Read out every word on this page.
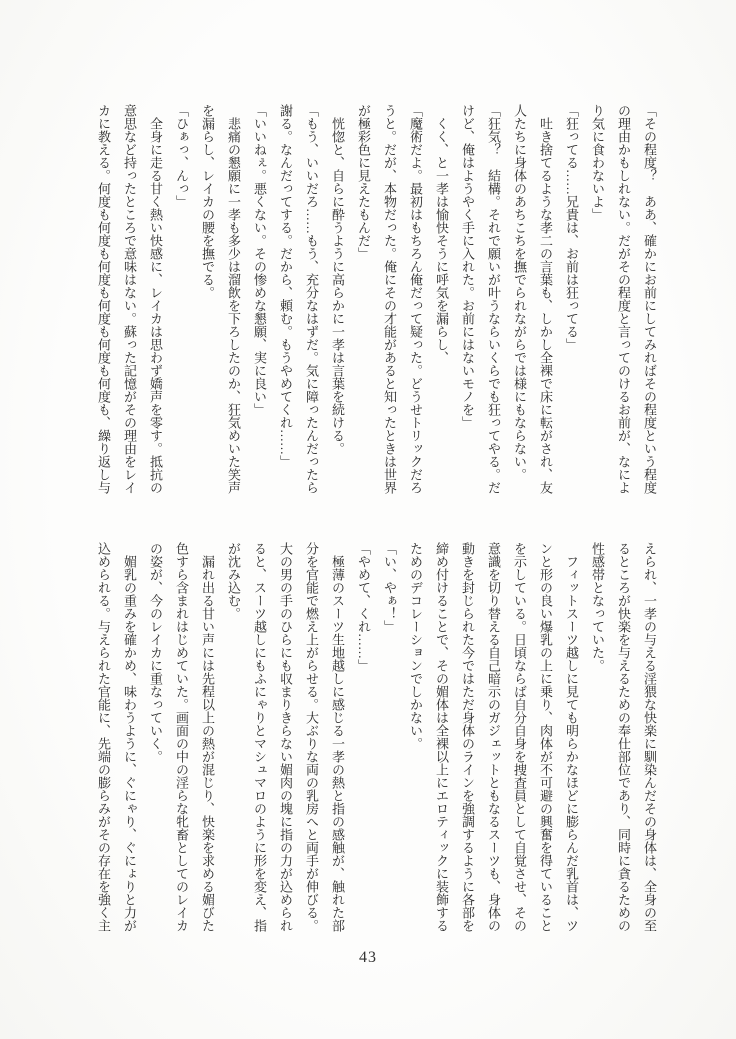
「その程度？　ああ、確かにお前にしてみればその程度という程度

の理由かもしれない。だがその程度と言ってのけるお前が、なによ

り気に食わないよ」

「狂ってる……兄貴は、お前は狂ってる」

　吐き捨てるような孝二の言葉も、しかし全裸で床に転がされ、友

人たちに身体のあちこちを撫でられながらでは様にもならない。

「狂気？　結構。それで願いが叶うならいくらでも狂ってやる。だ

けど、俺はようやく手に入れた。お前にはないモノを」

　くく、と一孝は愉快そうに呼気を漏らし、

「魔術だよ。最初はもちろん俺だって疑った。どうせトリックだろ

うと。だが、本物だった。俺にその才能があると知ったときは世界

が極彩色に見えたもんだ」

　恍惚と、自らに酔うように高らかに一孝は言葉を続ける。

「もう、いいだろ……もう、充分なはずだ。気に障ったんだったら

謝る。なんだってする。だから、頼む。もうやめてくれ……」

「いいねぇ。悪くない。その惨めな懇願、実に良い」

　悲痛の懇願に一孝も多少は溜飲を下ろしたのか、狂気めいた笑声

を漏らし、レイカの腰を撫でる。

「ひぁっ、んっ」

　全身に走る甘く熱い快感に、レイカは思わず嬌声を零す。抵抗の

意思など持ったところで意味はない。蘇った記憶がその理由をレイ

カに教える。何度も何度も何度も何度も何度も何度も、繰り返し与

えられ、一孝の与える淫猥な快楽に馴染んだその身体は、全身の至

るところが快楽を与えるための奉仕部位であり、同時に貪るための

性感帯となっていた。

　フィットスーツ越しに見ても明らかなほどに膨らんだ乳首は、ツ

ンと形の良い爆乳の上に乗り、肉体が不可避の興奮を得ていること

を示している。日頃ならば自分自身を捜査員として自覚させ、その

意識を切り替える自己暗示のガジェットともなるスーツも、身体の

動きを封じられた今ではただ身体のラインを強調するように各部を

締め付けることで、その媚体は全裸以上にエロティックに装飾する

ためのデコレーションでしかない。

「い、やぁ！」

「やめて、くれ……」

　極薄のスーツ生地越しに感じる一孝の熱と指の感触が、触れた部

分を官能で燃え上がらせる。大ぶりな両の乳房へと両手が伸びる。

大の男の手のひらにも収まりきらない媚肉の塊に指の力が込められ

ると、スーツ越しにもふにゃりとマシュマロのように形を変え、指

が沈み込む。

　漏れ出る甘い声には先程以上の熱が混じり、快楽を求める媚びた

色すら含まれはじめていた。画面の中の淫らな牝畜としてのレイカ

の姿が、今のレイカに重なっていく。

　媚乳の重みを確かめ、味わうように、ぐにゃり、ぐにょりと力が

込められる。与えられた官能に、先端の膨らみがその存在を強く主

43
